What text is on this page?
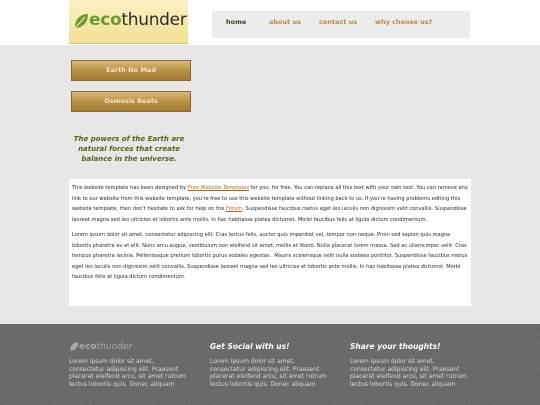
ecothunder	home	about us	contact us	why choose us?
Earth No Mad
Osmosis Beats
The powers of the Earth are natural forces that create balance in the universe.

This website template has been designed by Free Website Templates for you, for free. You can replace all this text with your own text. You can remove any link to our website from this website template, you're free to use this website template without linking back to us. If you're having problems editing this website template, then don't hesitate to ask for help on the Forum. Suspendisse faucibus metus aget leo iaculis non dignissim velit convallis. Suspendisse laoreet magna sed leo ultricies et lobortis ante mollis. In hac habitasse platea dictumst. Morbi faucibus felis at ligula dictum condimentum.

Lorem ipsum dolor sit amet, consectetur adipiscing elit. Cras lectus felis, auctor quis imperdiet vel, tempor non neque. Proin sed sapien quis magna lobortis pharetra eu et elit. Nunc arcu augue, vestibulum non eleifend sit amet, mollis et libero. Nulla placerat lorem massa. Sed ac ullamcorper velit. Cras tempus pharetra lacinia. Pellentesque pretium lobortis purus sodales egestas . Mauris scelerisque velit nulla sodales porttitor. Suspendisse faucibus metus eget leo iaculis non dignissim velit convallis. Suspendisse laoreet magna sed leo ultricies et lobortis ante mollis. In hac habitasse platea dictumst. Morbi faucibus felis at ligula dictum condimentum.

eco thunder

Lorem ipsum dolor sit amet, consectetur adipiscing elit. Praesent placerat eleifend arcu, sit amet rutrum lectus lobortis quis. Donec aliquam

Get Social with us!

Lorem ipsum dolor sit amet, consectetur adipiscing elit. Praesent placerat eleifend arcu, sit amet rutrum lectus lobortis quis. Donec aliquam

Share your thoughts!

Lorem ipsum dolor sit amet, consectetur adipiscing elit. Praesent placerat eleifend arcu, sit amet rutrum lectus lobortis quis. Donec aliquam
